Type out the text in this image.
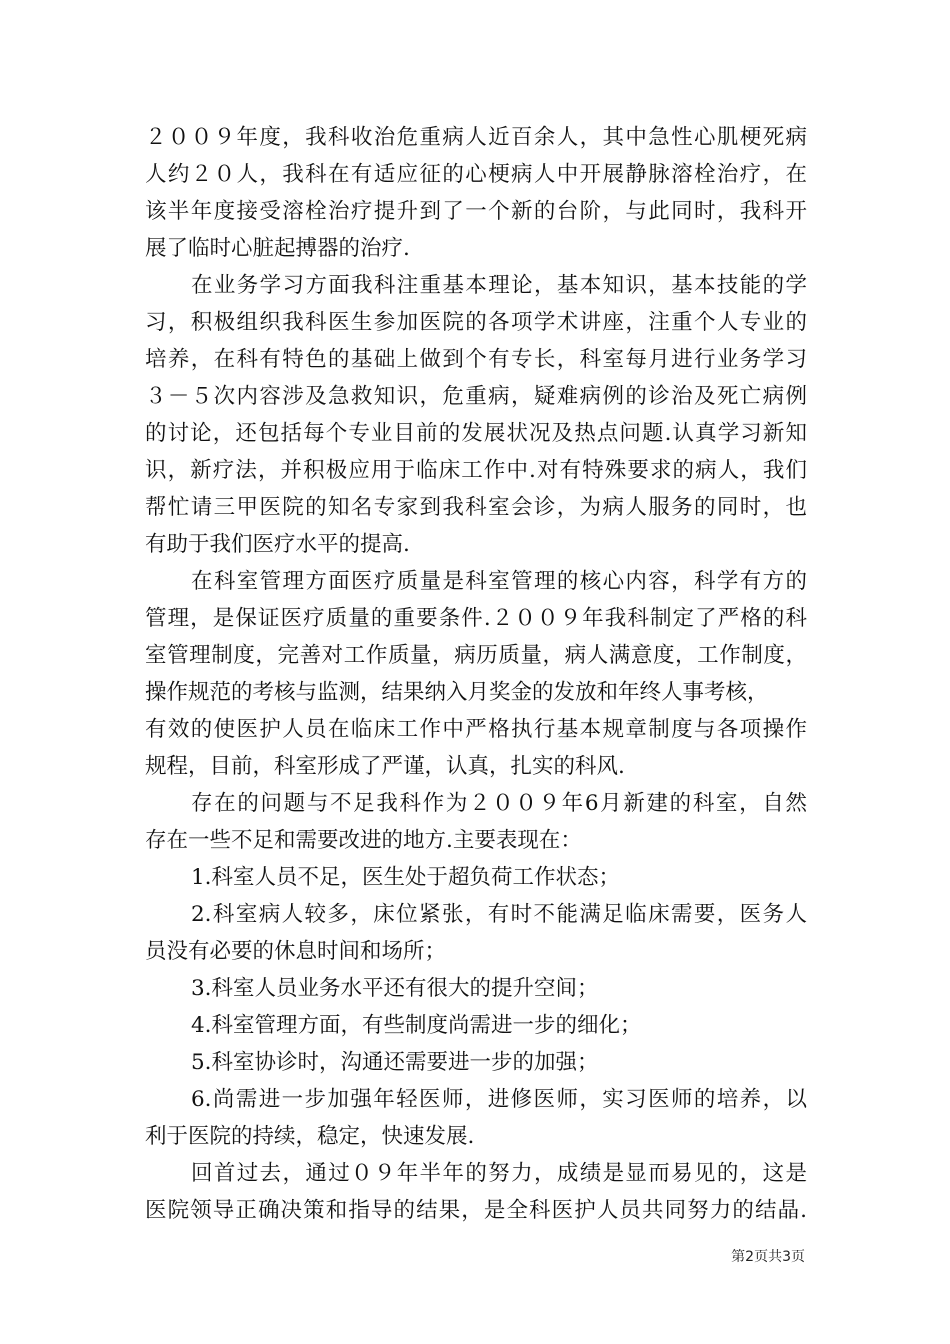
２００９年度，我科收治危重病人近百余人，其中急性心肌梗死病
人约２０人，我科在有适应征的心梗病人中开展静脉溶栓治疗，在
该半年度接受溶栓治疗提升到了一个新的台阶，与此同时，我科开
展了临时心脏起搏器的治疗.
在业务学习方面我科注重基本理论，基本知识，基本技能的学
习，积极组织我科医生参加医院的各项学术讲座，注重个人专业的
培养，在科有特色的基础上做到个有专长，科室每月进行业务学习
３－５次内容涉及急救知识，危重病，疑难病例的诊治及死亡病例
的讨论，还包括每个专业目前的发展状况及热点问题.认真学习新知
识，新疗法，并积极应用于临床工作中.对有特殊要求的病人，我们
帮忙请三甲医院的知名专家到我科室会诊，为病人服务的同时，也
有助于我们医疗水平的提高.
在科室管理方面医疗质量是科室管理的核心内容，科学有方的
管理，是保证医疗质量的重要条件.２００９年我科制定了严格的科
室管理制度，完善对工作质量，病历质量，病人满意度，工作制度，
操作规范的考核与监测，结果纳入月奖金的发放和年终人事考核，
有效的使医护人员在临床工作中严格执行基本规章制度与各项操作
规程，目前，科室形成了严谨，认真，扎实的科风.
存在的问题与不足我科作为２００９年6月新建的科室，自然
存在一些不足和需要改进的地方.主要表现在：
1.科室人员不足，医生处于超负荷工作状态；
2.科室病人较多，床位紧张，有时不能满足临床需要，医务人
员没有必要的休息时间和场所；
3.科室人员业务水平还有很大的提升空间；
4.科室管理方面，有些制度尚需进一步的细化；
5.科室协诊时，沟通还需要进一步的加强；
6.尚需进一步加强年轻医师，进修医师，实习医师的培养，以
利于医院的持续，稳定，快速发展.
回首过去，通过０９年半年的努力，成绩是显而易见的，这是
医院领导正确决策和指导的结果，是全科医护人员共同努力的结晶.
第2页共3页
